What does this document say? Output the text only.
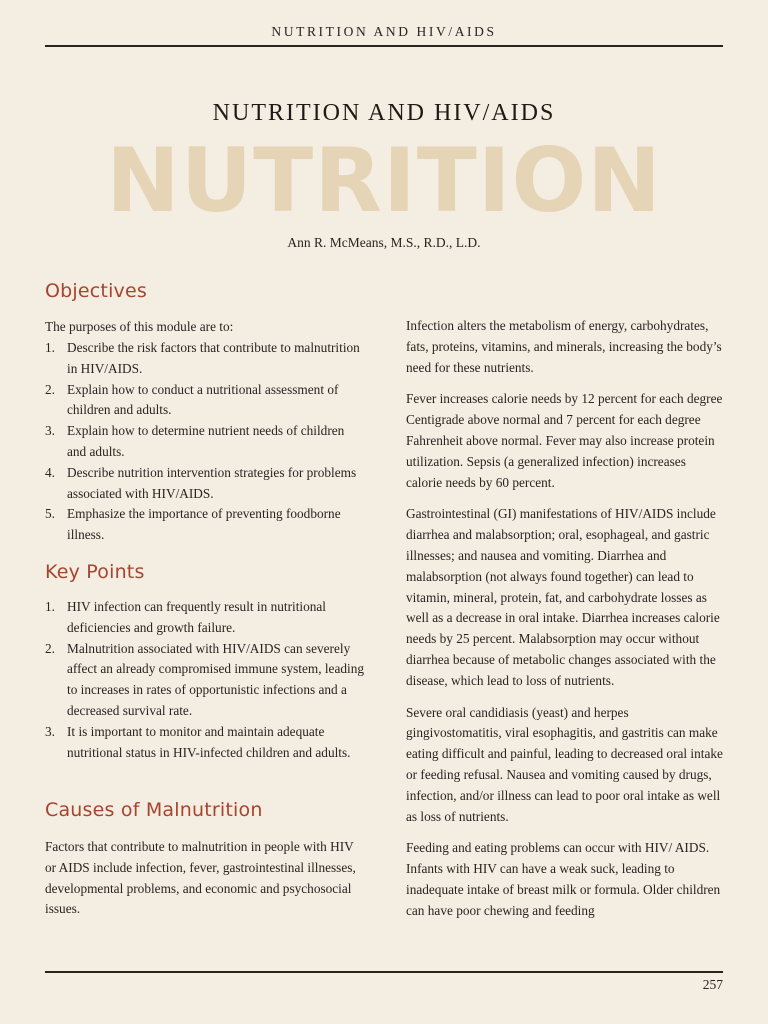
NUTRITION AND HIV/AIDS
NUTRITION
NUTRITION AND HIV/AIDS
Ann R. McMeans, M.S., R.D., L.D.
Objectives
The purposes of this module are to:
1. Describe the risk factors that contribute to malnutrition in HIV/AIDS.
2. Explain how to conduct a nutritional assessment of children and adults.
3. Explain how to determine nutrient needs of children and adults.
4. Describe nutrition intervention strategies for problems associated with HIV/AIDS.
5. Emphasize the importance of preventing foodborne illness.
Key Points
1. HIV infection can frequently result in nutritional deficiencies and growth failure.
2. Malnutrition associated with HIV/AIDS can severely affect an already compromised immune system, leading to increases in rates of opportunistic infections and a decreased survival rate.
3. It is important to monitor and maintain adequate nutritional status in HIV-infected children and adults.
Causes of Malnutrition
Factors that contribute to malnutrition in people with HIV or AIDS include infection, fever, gastrointestinal illnesses, developmental problems, and economic and psychosocial issues.

Infection alters the metabolism of energy, carbohydrates, fats, proteins, vitamins, and minerals, increasing the body’s need for these nutrients.

Fever increases calorie needs by 12 percent for each degree Centigrade above normal and 7 percent for each degree Fahrenheit above normal. Fever may also increase protein utilization. Sepsis (a generalized infection) increases calorie needs by 60 percent.

Gastrointestinal (GI) manifestations of HIV/AIDS include diarrhea and malabsorption; oral, esophageal, and gastric illnesses; and nausea and vomiting. Diarrhea and malabsorption (not always found together) can lead to vitamin, mineral, protein, fat, and carbohydrate losses as well as a decrease in oral intake. Diarrhea increases calorie needs by 25 percent. Malabsorption may occur without diarrhea because of metabolic changes associated with the disease, which lead to loss of nutrients.

Severe oral candidiasis (yeast) and herpes gingivostomatitis, viral esophagitis, and gastritis can make eating difficult and painful, leading to decreased oral intake or feeding refusal. Nausea and vomiting caused by drugs, infection, and/or illness can lead to poor oral intake as well as loss of nutrients.

Feeding and eating problems can occur with HIV/ AIDS. Infants with HIV can have a weak suck, leading to inadequate intake of breast milk or formula. Older children can have poor chewing and feeding

257
